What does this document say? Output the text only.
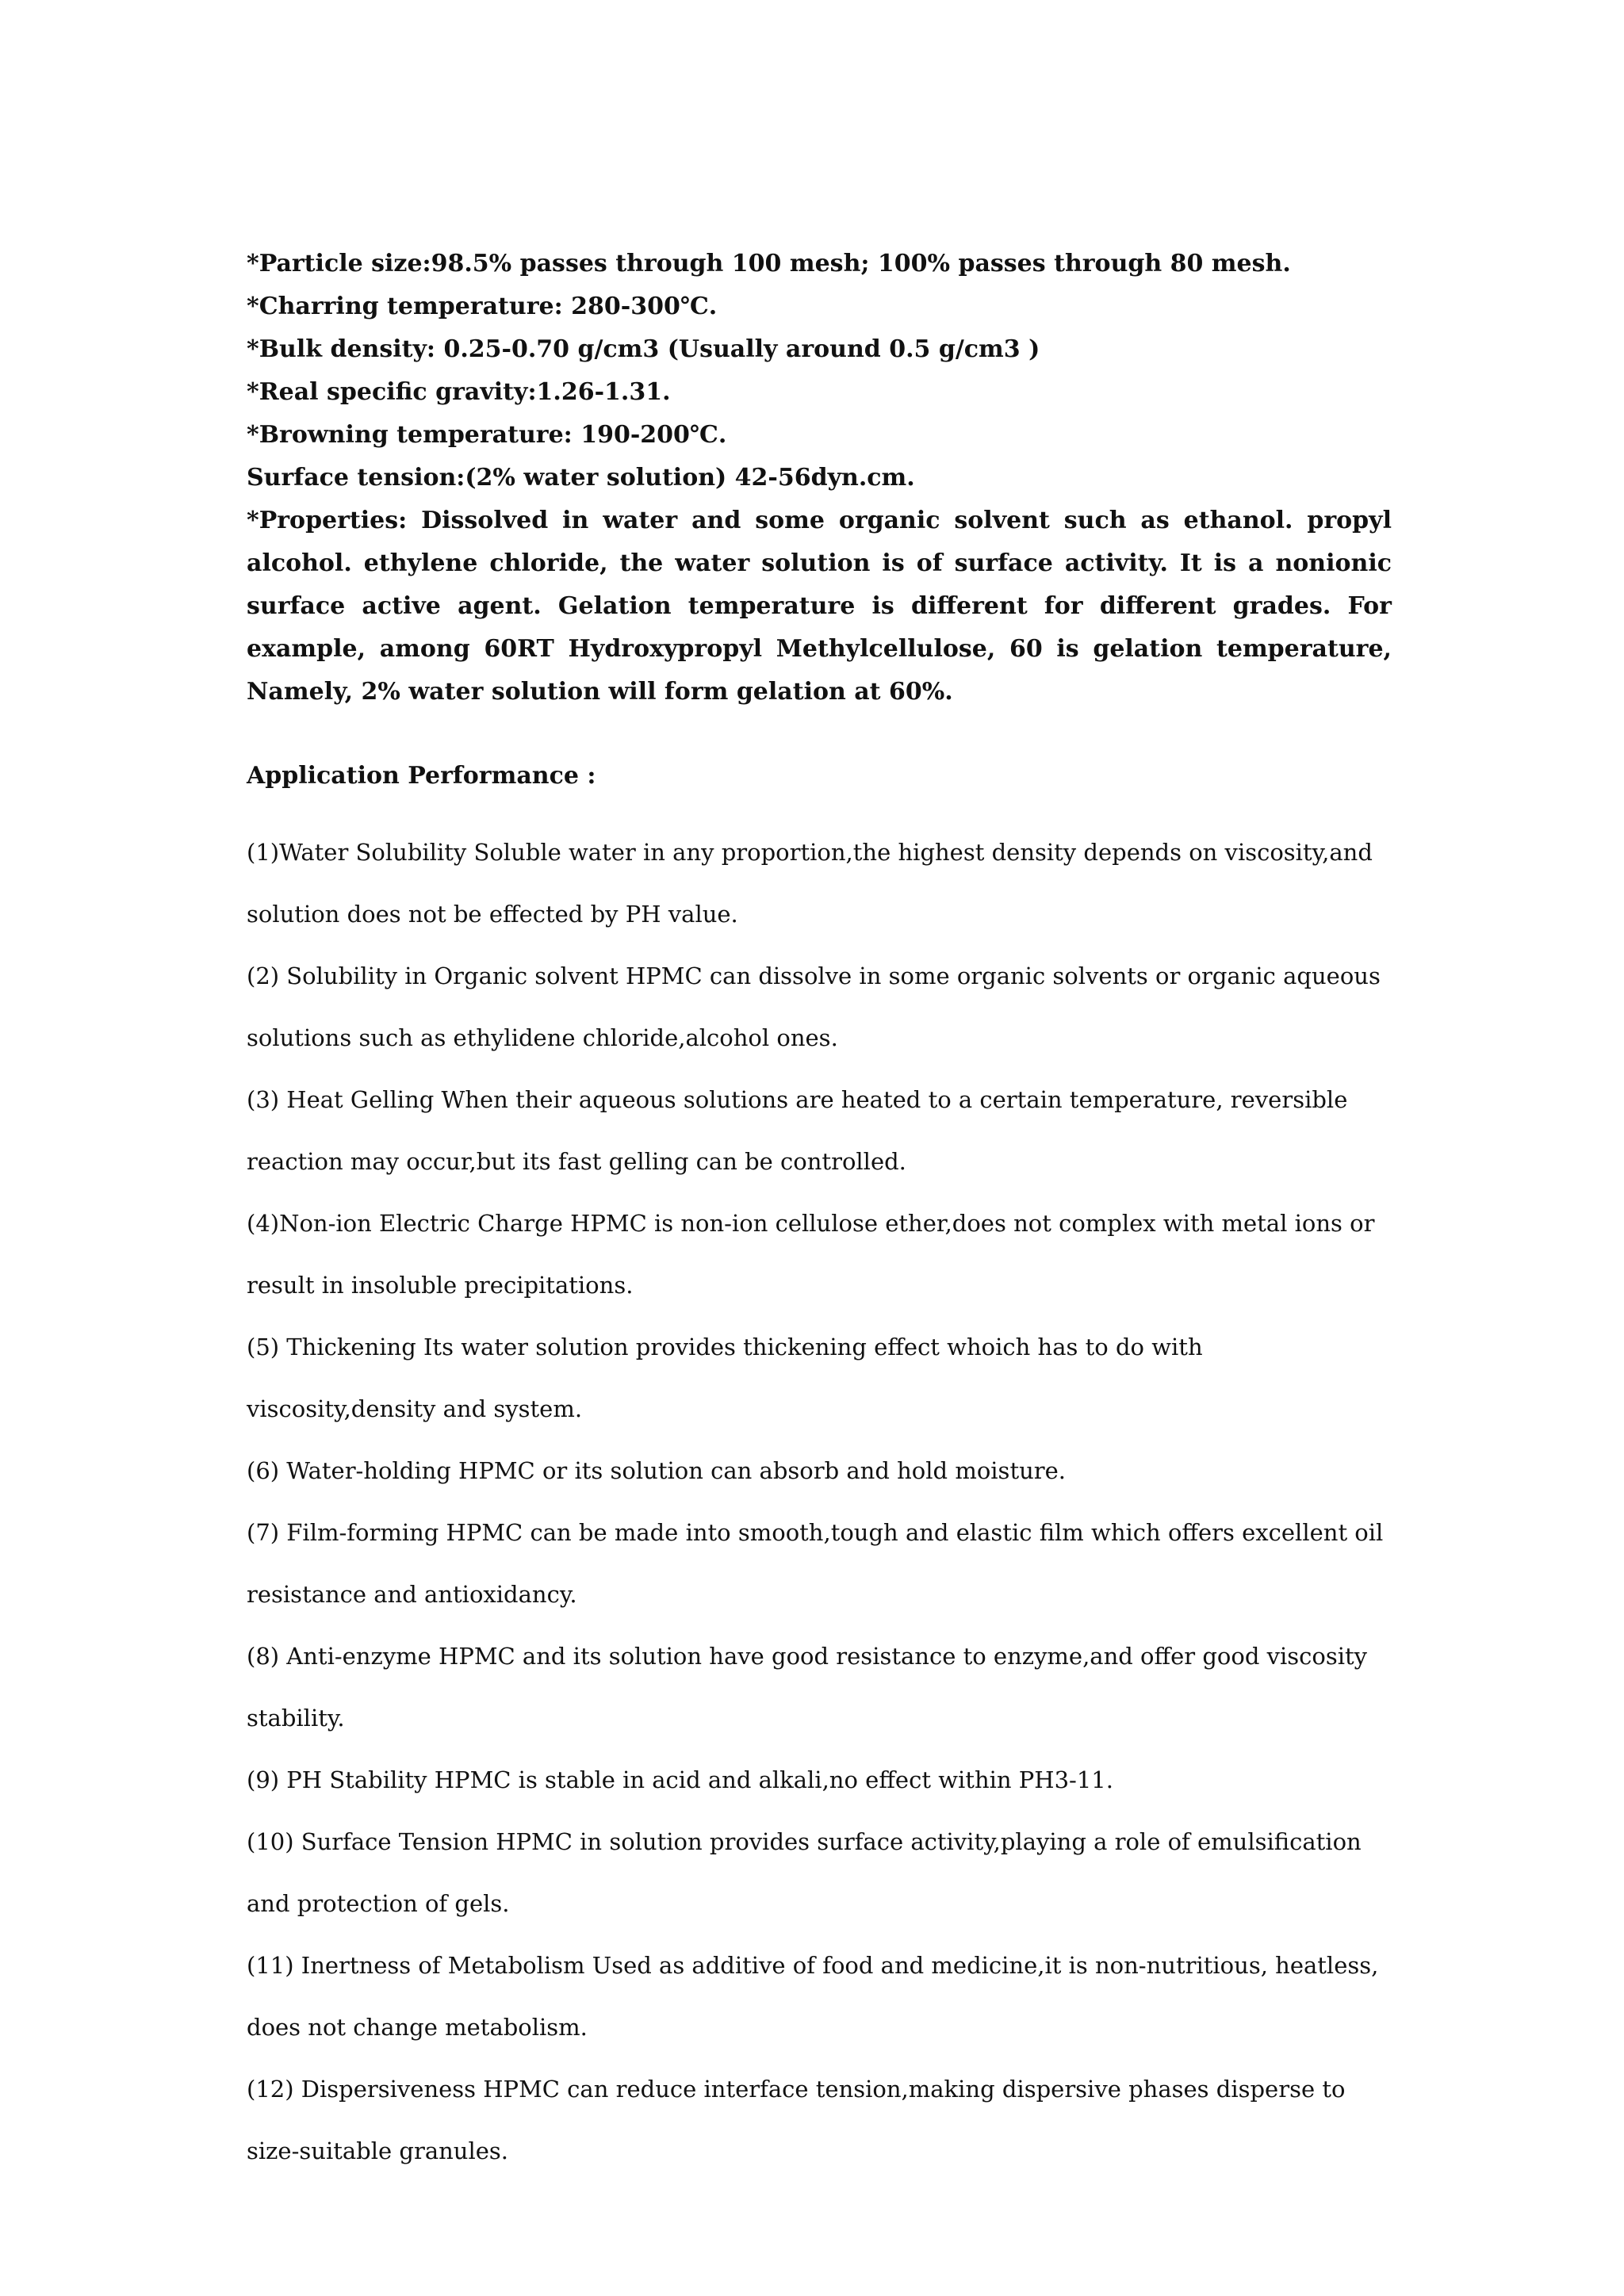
*Particle size:98.5% passes through 100 mesh; 100% passes through 80 mesh.
*Charring temperature: 280-300℃.
*Bulk density: 0.25-0.70 g/cm3 (Usually around 0.5 g/cm3 )
*Real specific gravity:1.26-1.31.
*Browning temperature: 190-200℃.
Surface tension:(2% water solution) 42-56dyn.cm.

*Properties: Dissolved in water and some organic solvent such as ethanol. propyl alcohol. ethylene chloride, the water solution is of surface activity. It is a nonionic surface active agent. Gelation temperature is different for different grades. For example, among 60RT Hydroxypropyl Methylcellulose, 60 is gelation temperature, Namely, 2% water solution will form gelation at 60%.

Application Performance :

(1)Water Solubility Soluble water in any proportion,the highest density depends on viscosity,and solution does not be effected by PH value.

(2) Solubility in Organic solvent HPMC can dissolve in some organic solvents or organic aqueous solutions such as ethylidene chloride,alcohol ones.

(3) Heat Gelling When their aqueous solutions are heated to a certain temperature, reversible reaction may occur,but its fast gelling can be controlled.

(4)Non-ion Electric Charge HPMC is non-ion cellulose ether,does not complex with metal ions or result in insoluble precipitations.

(5) Thickening Its water solution provides thickening effect whoich has to do with viscosity,density and system.

(6) Water-holding HPMC or its solution can absorb and hold moisture.

(7) Film-forming HPMC can be made into smooth,tough and elastic film which offers excellent oil resistance and antioxidancy.

(8) Anti-enzyme HPMC and its solution have good resistance to enzyme,and offer good viscosity stability.

(9) PH Stability HPMC is stable in acid and alkali,no effect within PH3-11.

(10) Surface Tension HPMC in solution provides surface activity,playing a role of emulsification and protection of gels.

(11) Inertness of Metabolism Used as additive of food and medicine,it is non-nutritious, heatless, does not change metabolism.

(12) Dispersiveness HPMC can reduce interface tension,making dispersive phases disperse to size-suitable granules.
